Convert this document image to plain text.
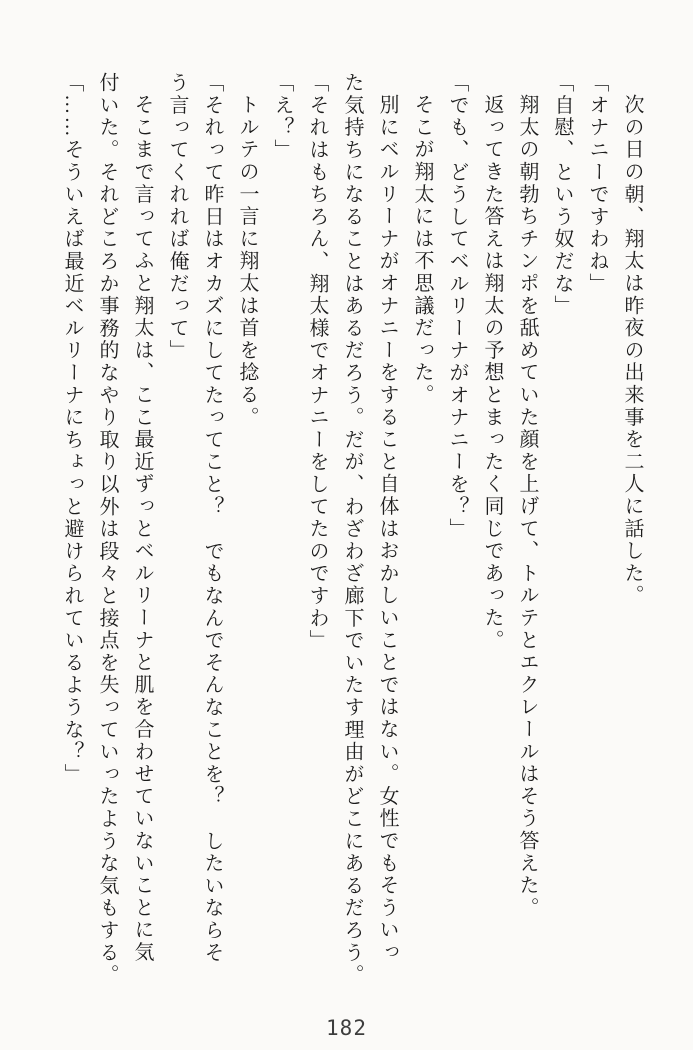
次の日の朝、翔太は昨夜の出来事を二人に話した。

「オナニーですわね」

「自慰、という奴だな」

翔太の朝勃ちチンポを舐めていた顔を上げて、トルテとエクレールはそう答えた。

返ってきた答えは翔太の予想とまったく同じであった。

「でも、どうしてベルリーナがオナニーを？」

そこが翔太には不思議だった。

別にベルリーナがオナニーをすること自体はおかしいことではない。女性でもそういっ

た気持ちになることはあるだろう。だが、わざわざ廊下でいたす理由がどこにあるだろう。

「それはもちろん、翔太様でオナニーをしてたのですわ」

「え？」

トルテの一言に翔太は首を捻る。

「それって昨日はオカズにしてたってこと？　でもなんでそんなことを？　したいならそ

う言ってくれれば俺だって」

そこまで言ってふと翔太は、ここ最近ずっとベルリーナと肌を合わせていないことに気

付いた。それどころか事務的なやり取り以外は段々と接点を失っていったような気もする。

「……そういえば最近ベルリーナにちょっと避けられているような？」

182
